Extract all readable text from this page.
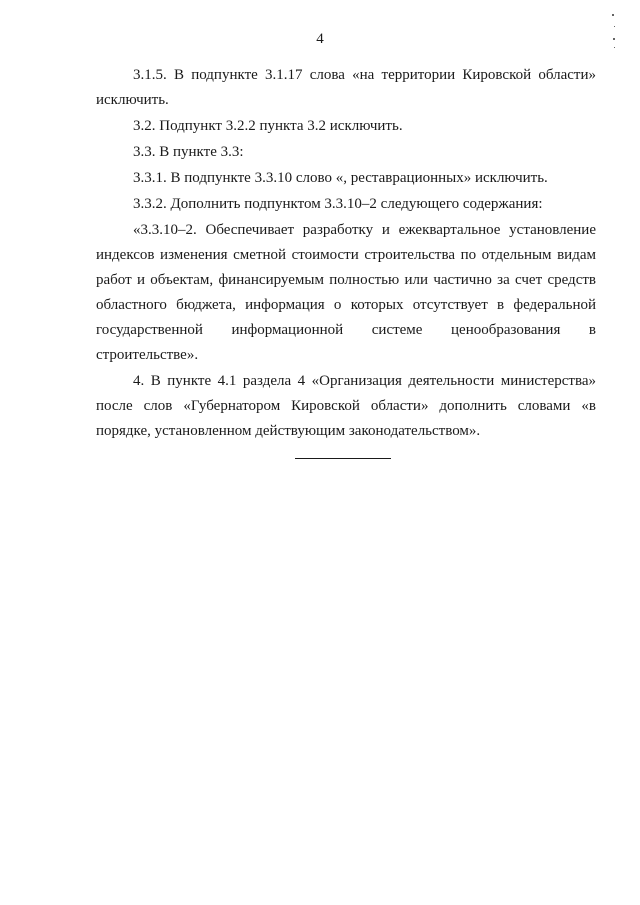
4

3.1.5. В подпункте 3.1.17 слова «на территории Кировской области» исключить.

3.2. Подпункт 3.2.2 пункта 3.2 исключить.

3.3. В пункте 3.3:

3.3.1. В подпункте 3.3.10 слово «, реставрационных» исключить.

3.3.2. Дополнить подпунктом 3.3.10–2 следующего содержания:

«3.3.10–2. Обеспечивает разработку и ежеквартальное установление индексов изменения сметной стоимости строительства по отдельным видам работ и объектам, финансируемым полностью или частично за счет средств областного бюджета, информация о которых отсутствует в федеральной государственной информационной системе ценообразования в строительстве».

4. В пункте 4.1 раздела 4 «Организация деятельности министерства» после слов «Губернатором Кировской области» дополнить словами «в порядке, установленном действующим законодательством».
